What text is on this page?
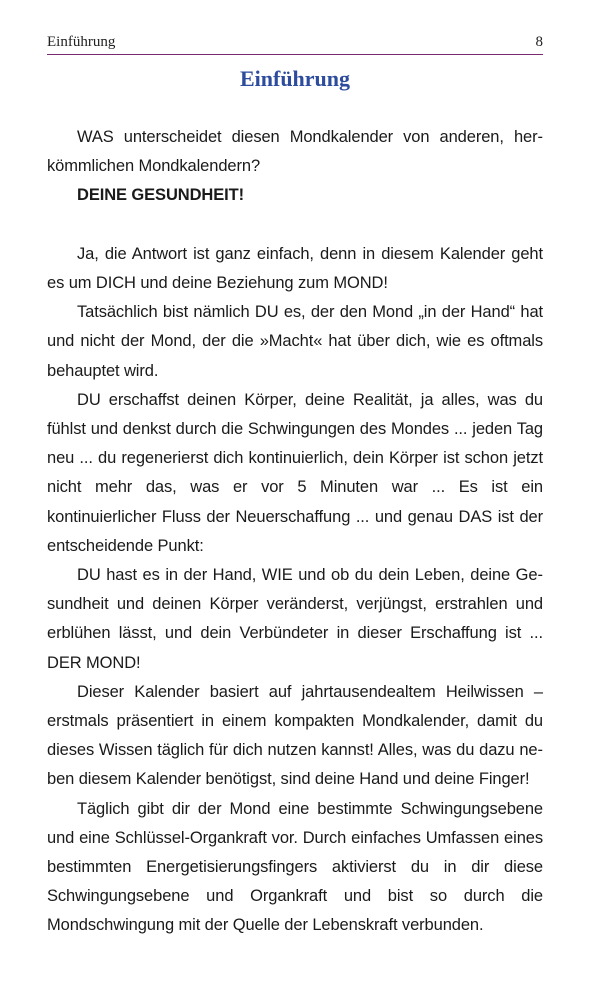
Einführung	8
Einführung

WAS unterscheidet diesen Mondkalender von anderen, herkömmlichen Mondkalendern?

DEINE GESUNDHEIT!

Ja, die Antwort ist ganz einfach, denn in diesem Kalender geht es um DICH und deine Beziehung zum MOND!

Tatsächlich bist nämlich DU es, der den Mond „in der Hand“ hat und nicht der Mond, der die »Macht« hat über dich, wie es oftmals behauptet wird.

DU erschaffst deinen Körper, deine Realität, ja alles, was du fühlst und denkst durch die Schwingungen des Mondes ... jeden Tag neu ... du regenerierst dich kontinuierlich, dein Körper ist schon jetzt nicht mehr das, was er vor 5 Minuten war ... Es ist ein kontinuierlicher Fluss der Neuerschaffung ... und genau DAS ist der entscheidende Punkt:

DU hast es in der Hand, WIE und ob du dein Leben, deine Gesundheit und deinen Körper veränderst, verjüngst, erstrahlen und erblühen lässt, und dein Verbündeter in dieser Erschaffung ist ... DER MOND!

Dieser Kalender basiert auf jahrtausendealtem Heilwissen – erstmals präsentiert in einem kompakten Mondkalender, damit du dieses Wissen täglich für dich nutzen kannst! Alles, was du dazu neben diesem Kalender benötigst, sind deine Hand und deine Finger!

Täglich gibt dir der Mond eine bestimmte Schwingungsebene und eine Schlüssel-Organkraft vor. Durch einfaches Umfassen eines bestimmten Energetisierungsfingers aktivierst du in dir diese Schwingungsebene und Organkraft und bist so durch die Mondschwingung mit der Quelle der Lebenskraft verbunden.
